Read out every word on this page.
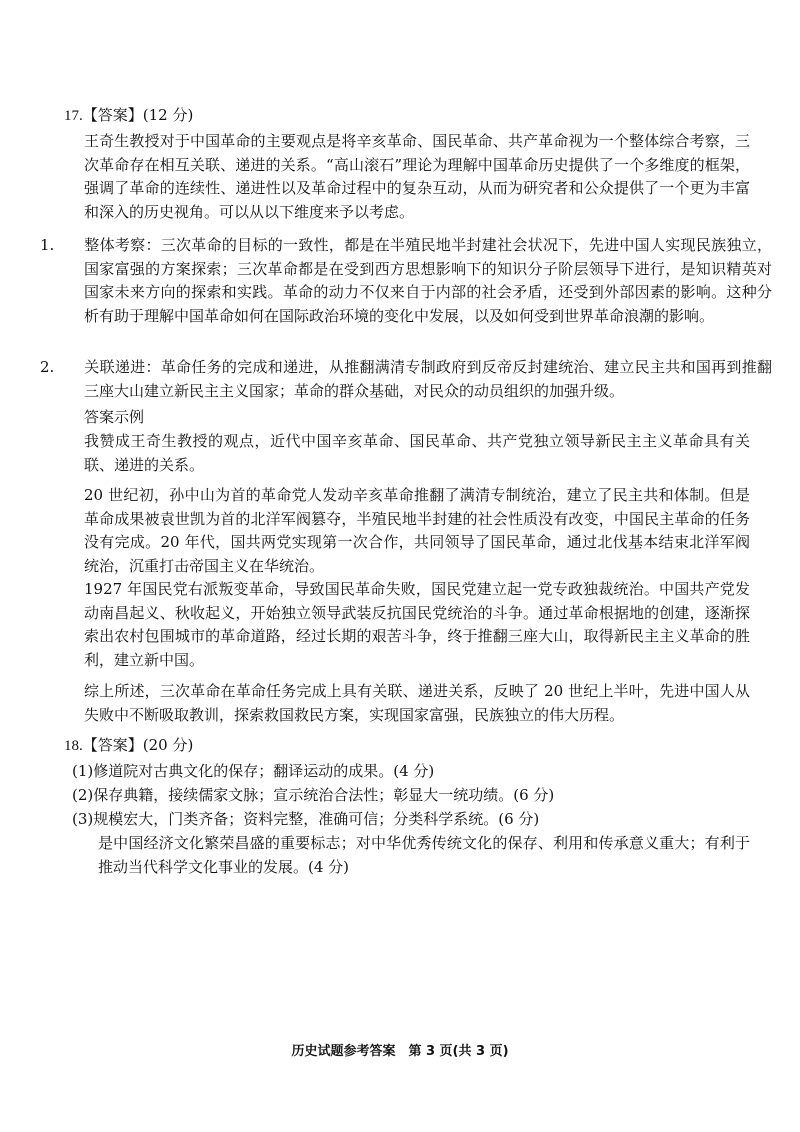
17.【答案】(12 分)
王奇生教授对于中国革命的主要观点是将辛亥革命、国民革命、共产革命视为一个整体综合考察，三次革命存在相互关联、递进的关系。“高山滚石”理论为理解中国革命历史提供了一个多维度的框架，强调了革命的连续性、递进性以及革命过程中的复杂互动，从而为研究者和公众提供了一个更为丰富和深入的历史视角。可以从以下维度来予以考虑。
1. 整体考察：三次革命的目标的一致性，都是在半殖民地半封建社会状况下，先进中国人实现民族独立，国家富强的方案探索；三次革命都是在受到西方思想影响下的知识分子阶层领导下进行，是知识精英对国家未来方向的探索和实践。革命的动力不仅来自于内部的社会矛盾，还受到外部因素的影响。这种分析有助于理解中国革命如何在国际政治环境的变化中发展，以及如何受到世界革命浪潮的影响。
2. 关联递进：革命任务的完成和递进，从推翻满清专制政府到反帝反封建统治、建立民主共和国再到推翻三座大山建立新民主主义国家；革命的群众基础，对民众的动员组织的加强升级。
答案示例
我赞成王奇生教授的观点，近代中国辛亥革命、国民革命、共产党独立领导新民主主义革命具有关联、递进的关系。
20 世纪初，孙中山为首的革命党人发动辛亥革命推翻了满清专制统治，建立了民主共和体制。但是革命成果被袁世凯为首的北洋军阀篡夺，半殖民地半封建的社会性质没有改变，中国民主革命的任务没有完成。20 年代，国共两党实现第一次合作，共同领导了国民革命，通过北伐基本结束北洋军阀统治，沉重打击帝国主义在华统治。
1927 年国民党右派叛变革命，导致国民革命失败，国民党建立起一党专政独裁统治。中国共产党发动南昌起义、秋收起义，开始独立领导武装反抗国民党统治的斗争。通过革命根据地的创建，逐渐探索出农村包围城市的革命道路，经过长期的艰苦斗争，终于推翻三座大山，取得新民主主义革命的胜利，建立新中国。
综上所述，三次革命在革命任务完成上具有关联、递进关系，反映了 20 世纪上半叶，先进中国人从失败中不断吸取教训，探索救国救民方案，实现国家富强，民族独立的伟大历程。
18.【答案】(20 分)
(1)修道院对古典文化的保存；翻译运动的成果。(4 分)
(2)保存典籍，接续儒家文脉；宣示统治合法性；彰显大一统功绩。(6 分)
(3)规模宏大，门类齐备；资料完整，准确可信；分类科学系统。(6 分)
是中国经济文化繁荣昌盛的重要标志；对中华优秀传统文化的保存、利用和传承意义重大；有利于推动当代科学文化事业的发展。(4 分)
历史试题参考答案　第 3 页(共 3 页)
